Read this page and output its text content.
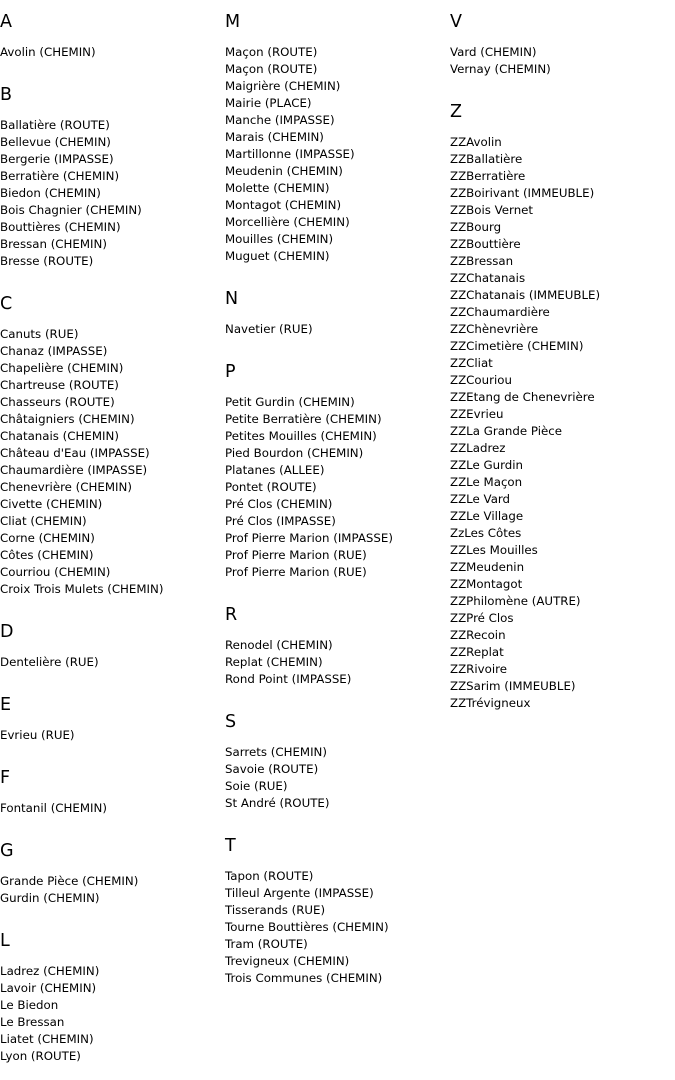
A
Avolin (CHEMIN)
B
Ballatière (ROUTE)
Bellevue (CHEMIN)
Bergerie (IMPASSE)
Berratière (CHEMIN)
Biedon (CHEMIN)
Bois Chagnier (CHEMIN)
Bouttières (CHEMIN)
Bressan (CHEMIN)
Bresse (ROUTE)
C
Canuts (RUE)
Chanaz (IMPASSE)
Chapelière (CHEMIN)
Chartreuse (ROUTE)
Chasseurs (ROUTE)
Châtaigniers (CHEMIN)
Chatanais (CHEMIN)
Château d'Eau (IMPASSE)
Chaumardière (IMPASSE)
Chenevrière (CHEMIN)
Civette (CHEMIN)
Cliat (CHEMIN)
Corne (CHEMIN)
Côtes (CHEMIN)
Courriou (CHEMIN)
Croix Trois Mulets (CHEMIN)
D
Dentelière (RUE)
E
Evrieu (RUE)
F
Fontanil (CHEMIN)
G
Grande Pièce (CHEMIN)
Gurdin (CHEMIN)
L
Ladrez (CHEMIN)
Lavoir (CHEMIN)
Le Biedon
Le Bressan
Liatet (CHEMIN)
Lyon (ROUTE)
M
Maçon (ROUTE)
Maçon (ROUTE)
Maigrière (CHEMIN)
Mairie (PLACE)
Manche (IMPASSE)
Marais (CHEMIN)
Martillonne (IMPASSE)
Meudenin (CHEMIN)
Molette (CHEMIN)
Montagot (CHEMIN)
Morcellière (CHEMIN)
Mouilles (CHEMIN)
Muguet (CHEMIN)
N
Navetier (RUE)
P
Petit Gurdin (CHEMIN)
Petite Berratière (CHEMIN)
Petites Mouilles (CHEMIN)
Pied Bourdon (CHEMIN)
Platanes (ALLEE)
Pontet (ROUTE)
Pré Clos (CHEMIN)
Pré Clos (IMPASSE)
Prof Pierre Marion (IMPASSE)
Prof Pierre Marion (RUE)
Prof Pierre Marion (RUE)
R
Renodel (CHEMIN)
Replat (CHEMIN)
Rond Point (IMPASSE)
S
Sarrets (CHEMIN)
Savoie (ROUTE)
Soie (RUE)
St André (ROUTE)
T
Tapon (ROUTE)
Tilleul Argente (IMPASSE)
Tisserands (RUE)
Tourne Bouttières (CHEMIN)
Tram (ROUTE)
Trevigneux (CHEMIN)
Trois Communes (CHEMIN)
V
Vard (CHEMIN)
Vernay (CHEMIN)
Z
ZZAvolin
ZZBallatière
ZZBerratière
ZZBoirivant (IMMEUBLE)
ZZBois Vernet
ZZBourg
ZZBouttière
ZZBressan
ZZChatanais
ZZChatanais (IMMEUBLE)
ZZChaumardière
ZZChènevrière
ZZCimetière (CHEMIN)
ZZCliat
ZZCouriou
ZZEtang de Chenevrière
ZZEvrieu
ZZLa Grande Pièce
ZZLadrez
ZZLe Gurdin
ZZLe Maçon
ZZLe Vard
ZZLe Village
ZzLes Côtes
ZZLes Mouilles
ZZMeudenin
ZZMontagot
ZZPhilomène (AUTRE)
ZZPré Clos
ZZRecoin
ZZReplat
ZZRivoire
ZZSarim (IMMEUBLE)
ZZTrévigneux
